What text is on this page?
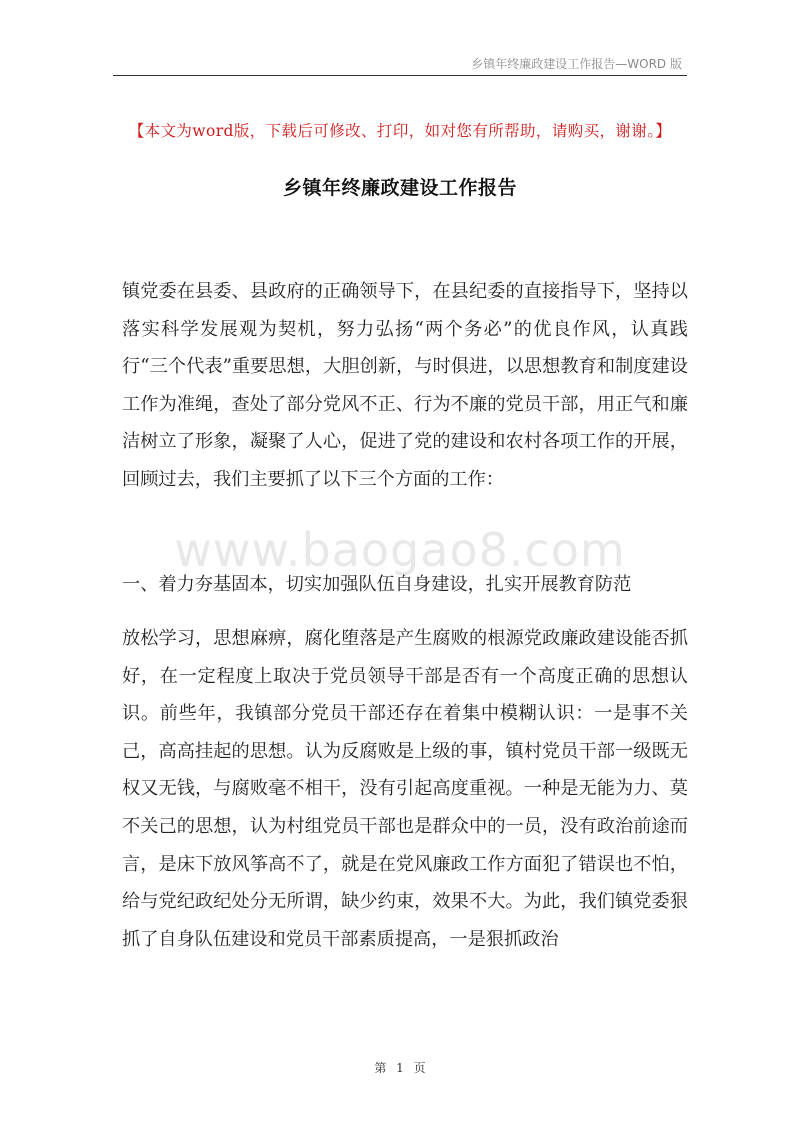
乡镇年终廉政建设工作报告—WORD 版
【本文为word版，下载后可修改、打印，如对您有所帮助，请购买，谢谢。】
乡镇年终廉政建设工作报告

镇党委在县委、县政府的正确领导下，在县纪委的直接指导下，坚持以落实科学发展观为契机，努力弘扬“两个务必”的优良作风，认真践行“三个代表”重要思想，大胆创新，与时俱进，以思想教育和制度建设工作为准绳，查处了部分党风不正、行为不廉的党员干部，用正气和廉洁树立了形象，凝聚了人心，促进了党的建设和农村各项工作的开展，回顾过去，我们主要抓了以下三个方面的工作：

www.baogao8.com

一、着力夯基固本，切实加强队伍自身建设，扎实开展教育防范

放松学习，思想麻痹，腐化堕落是产生腐败的根源党政廉政建设能否抓好，在一定程度上取决于党员领导干部是否有一个高度正确的思想认识。前些年，我镇部分党员干部还存在着集中模糊认识：一是事不关己，高高挂起的思想。认为反腐败是上级的事，镇村党员干部一级既无权又无钱，与腐败毫不相干，没有引起高度重视。一种是无能为力、莫不关己的思想，认为村组党员干部也是群众中的一员，没有政治前途而言，是床下放风筝高不了，就是在党风廉政工作方面犯了错误也不怕，给与党纪政纪处分无所谓，缺少约束，效果不大。为此，我们镇党委狠抓了自身队伍建设和党员干部素质提高，一是狠抓政治

第 1 页
